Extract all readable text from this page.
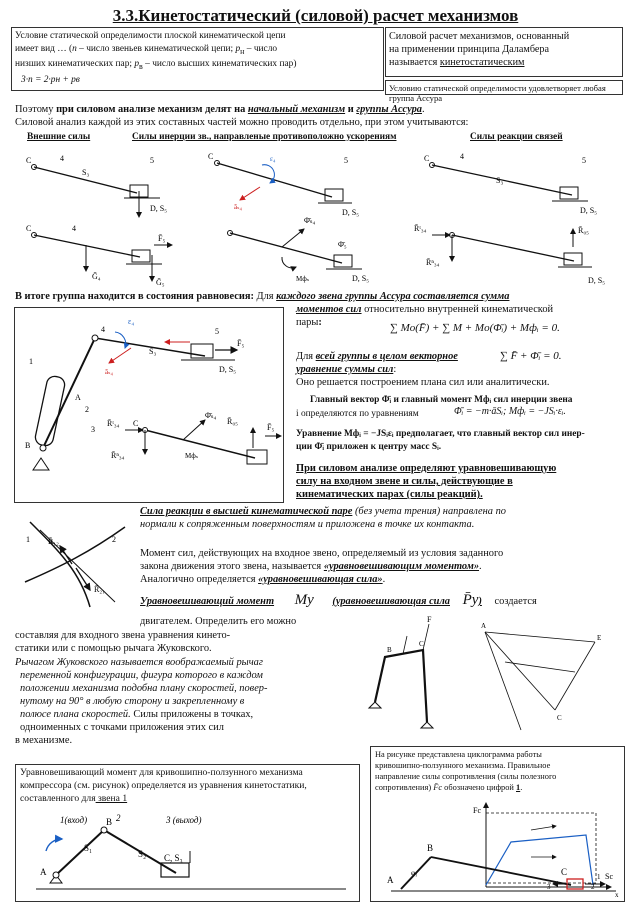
3.3.Кинетостатический (силовой) расчет механизмов
Условие статической определимости плоской кинематической цепи
имеет вид … (n – число звеньев кинематической цепи; $p_н$ – число
низших кинематических пар; $p_в$ – число высших кинематических пар)
3·n = 2·pн + pв
Силовой расчет механизмов, основанный
на применении принципа Даламбера
называется кинетостатическим
Условию статической определимости удовлетворяет любая группа Ассура
Поэтому при силовом анализе механизм делят на начальный механизм и группы Ассура.
Силовой анализ каждой из этих составных частей можно проводить отдельно, при этом учитываются:
Внешние силы	Силы инерции зв., направленые противоположно ускорениям	Силы реакции связей
C	4
S₃
5
D, S₅
C
āₛ₄
ε₄	5
D, S₅
C	4
S₃
5
D, S₅
C	4
Ḡ₄
Ḡ₅
F̄₅
Φ̄ₛ₄
Mфₛ
Φ̄₅
D, S₅
R̄ᵗ₃₄
R̄ⁿ₃₄
R̄₀₅
D, S₅
В итоге группа находится в состояния равновесия: Для каждого звена группы Ассура составляется сумма
моментов сил относительно внутренней кинематической
пары:	∑ Mо(F̄) + ∑ M + Mо(Φ̄ᵢ) + Mфᵢ = 0.
Для всей группы в целом векторное
уравнение суммы сил:
∑ F̄ + Φ̄ᵢ = 0.
Оно решается построением плана сил или аналитически.
Главный вектор Φ̄ᵢ и главный момент Mфᵢ сил инерции звена
i определяются по уравнениям	Φ̄ᵢ = −m·āSᵢ; Mфᵢ = −JSᵢ·εᵢ.
Уравнение Mфᵢ = −JSᵢεᵢ предполагает, что главный вектор сил инер-
ции Φ̄ᵢ приложен к центру масс Sᵢ.
При силовом анализе определяют уравновешивающую
силу на входном звене и силы, действующие в
кинематических парах (силы реакций).
4
ε₄
āₛ₄
S₃
5
D, S₅
F̄₅
1
B
A
2
3
R̄ᵗ₃₄
R̄ⁿ₃₄
C
Φ̄ₛ₄
R̄₀₅
F̄₅
Mфₛ
R̄₁₂
R̄₂₁
1	2
Сила реакции в высшей кинематической паре (без учета трения) направлена по
нормали к сопряженным поверхностям и приложена в точке их контакта.
Момент сил, действующих на входное звено, определяемый из условия заданного
закона движения этого звена, называется «уравновешивающим моментом».
Аналогично определяется «уравновешивающая сила».
Уравновешивающий момент My (уравновешивающая сила P̄y) создается
двигателем. Определить его можно
составляя для входного звена уравнения кинето-
статики или с помощью рычага Жуковского.
Рычагом Жуковского называется воображаемый рычаг
переменной конфигурации, фигура которого в каждом
положении механизма подобна плану скоростей, повер-
нутому на 90° в любую сторону и закрепленному в
полюсе плана скоростей. Силы приложены в точках,
одноименных с точками приложения этих сил
в механизме.
F
B
C
A
E
C
Уравновешивающий момент для кривошипно-ползунного механизма
компрессора (см. рисунок) определяется из уравнения кинетостатики,
составленного для звена 1
1(вход)	3 (выход)
2
B
A
S₁
S₂ C, S₃
На рисунке представлена циклограмма работы
кривошипно-ползунного механизма. Правильное
направление силы сопротивления (силы полезного
сопротивления) F̄c обозначено цифрой 1.
Fc
Sc
B
A
C
x
φ₁	1
2
3
